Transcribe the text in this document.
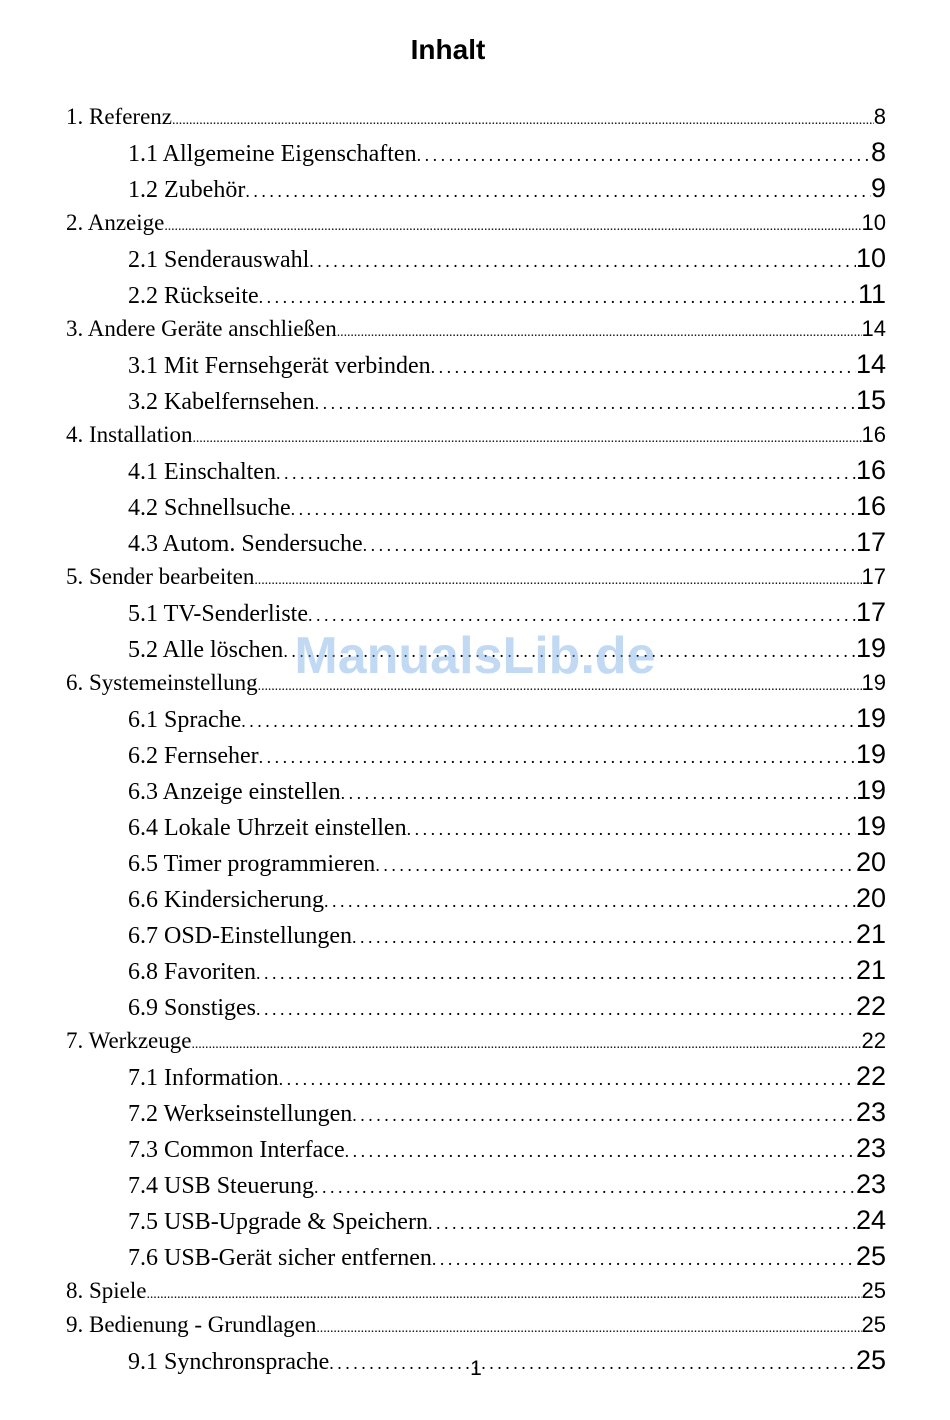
Inhalt
1. Referenz . . .	8
1.1 Allgemeine Eigenschaften . . .	8
1.2 Zubehör . . .	9
2. Anzeige . . .	10
2.1 Senderauswahl . . .	10
2.2 Rückseite . . .	11
3. Andere Geräte anschließen . . .	14
3.1 Mit Fernsehgerät verbinden . . .	14
3.2 Kabelfernsehen . . .	15
4. Installation . . .	16
4.1 Einschalten . . .	16
4.2 Schnellsuche . . .	16
4.3 Autom. Sendersuche . . .	17
5. Sender bearbeiten . . .	17
5.1 TV-Senderliste . . .	17
5.2 Alle löschen . . .	19
6. Systemeinstellung . . .	19
6.1 Sprache . . .	19
6.2 Fernseher . . .	19
6.3 Anzeige einstellen . . .	19
6.4 Lokale Uhrzeit einstellen . . .	19
6.5 Timer programmieren . . .	20
6.6 Kindersicherung . . .	20
6.7 OSD-Einstellungen . . .	21
6.8 Favoriten . . .	21
6.9 Sonstiges . . .	22
7. Werkzeuge . . .	22
7.1 Information . . .	22
7.2 Werkseinstellungen . . .	23
7.3 Common Interface . . .	23
7.4 USB Steuerung . . .	23
7.5 USB-Upgrade & Speichern . . .	24
7.6 USB-Gerät sicher entfernen . . .	25
8. Spiele . . .	25
9. Bedienung - Grundlagen . . .	25
9.1 Synchronsprache . . .	25
ManualsLib.de
1
